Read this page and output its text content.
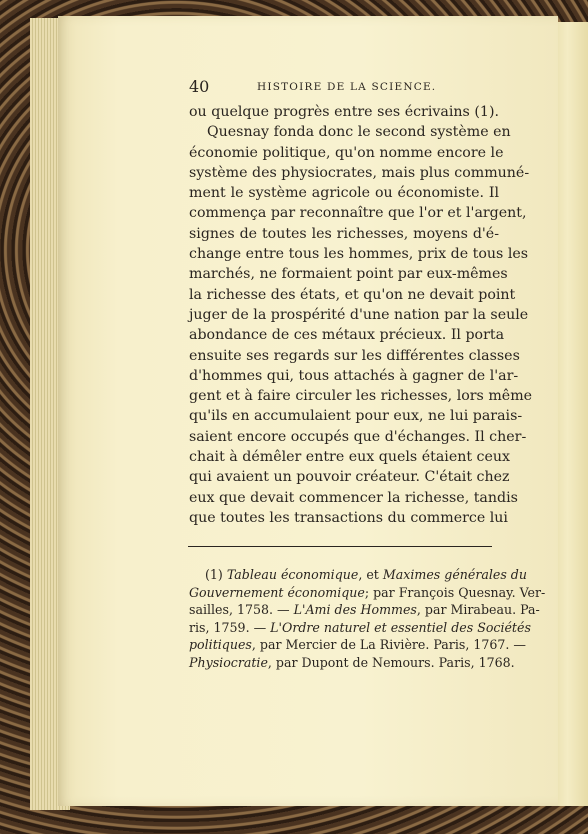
40	HISTOIRE DE LA SCIENCE.
ou quelque progrès entre ses écrivains (1).
Quesnay fonda donc le second système en
économie politique, qu'on nomme encore le
système des physiocrates, mais plus communé-
ment le système agricole ou économiste. Il
commença par reconnaître que l'or et l'argent,
signes de toutes les richesses, moyens d'é-
change entre tous les hommes, prix de tous les
marchés, ne formaient point par eux-mêmes
la richesse des états, et qu'on ne devait point
juger de la prospérité d'une nation par la seule
abondance de ces métaux précieux. Il porta
ensuite ses regards sur les différentes classes
d'hommes qui, tous attachés à gagner de l'ar-
gent et à faire circuler les richesses, lors même
qu'ils en accumulaient pour eux, ne lui parais-
saient encore occupés que d'échanges. Il cher-
chait à démêler entre eux quels étaient ceux
qui avaient un pouvoir créateur. C'était chez
eux que devait commencer la richesse, tandis
que toutes les transactions du commerce lui
(1) Tableau économique, et Maximes générales du
Gouvernement économique; par François Quesnay. Ver-
sailles, 1758. — L'Ami des Hommes, par Mirabeau. Pa-
ris, 1759. — L'Ordre naturel et essentiel des Sociétés
politiques, par Mercier de La Rivière. Paris, 1767. —
Physiocratie, par Dupont de Nemours. Paris, 1768.
